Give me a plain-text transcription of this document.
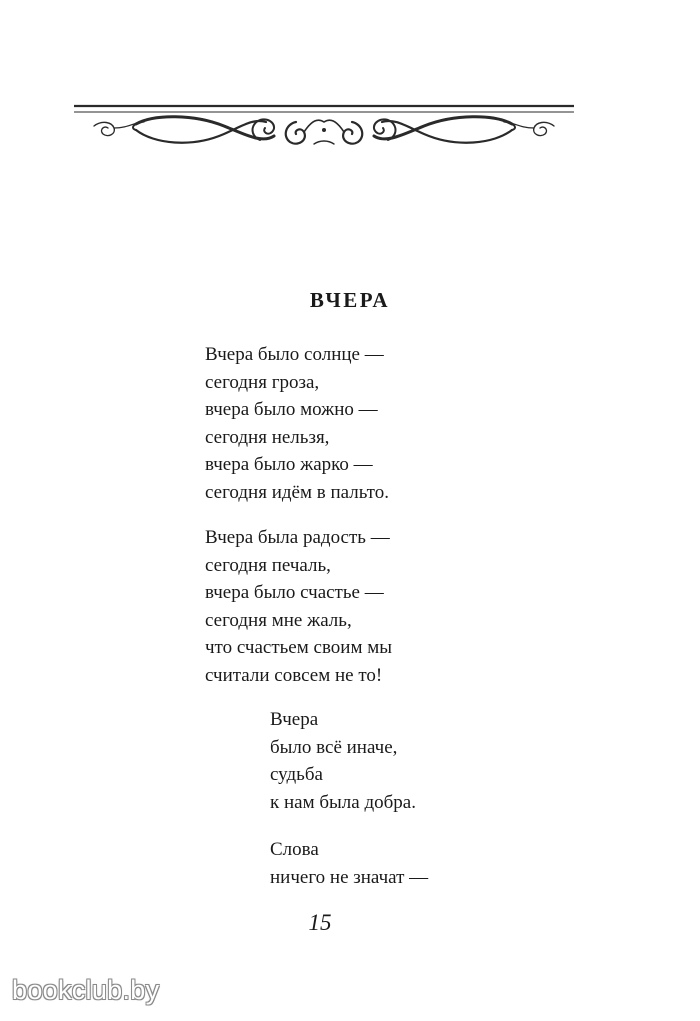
ВЧЕРА
Вчера было солнце —
сегодня гроза,
вчера было можно —
сегодня нельзя,
вчера было жарко —
сегодня идём в пальто.
Вчера была радость —
сегодня печаль,
вчера было счастье —
сегодня мне жаль,
что счастьем своим мы
считали совсем не то!
Вчера
было всё иначе,
судьба
к нам была добра.
Слова
ничего не значат —
15
bookclub.by
